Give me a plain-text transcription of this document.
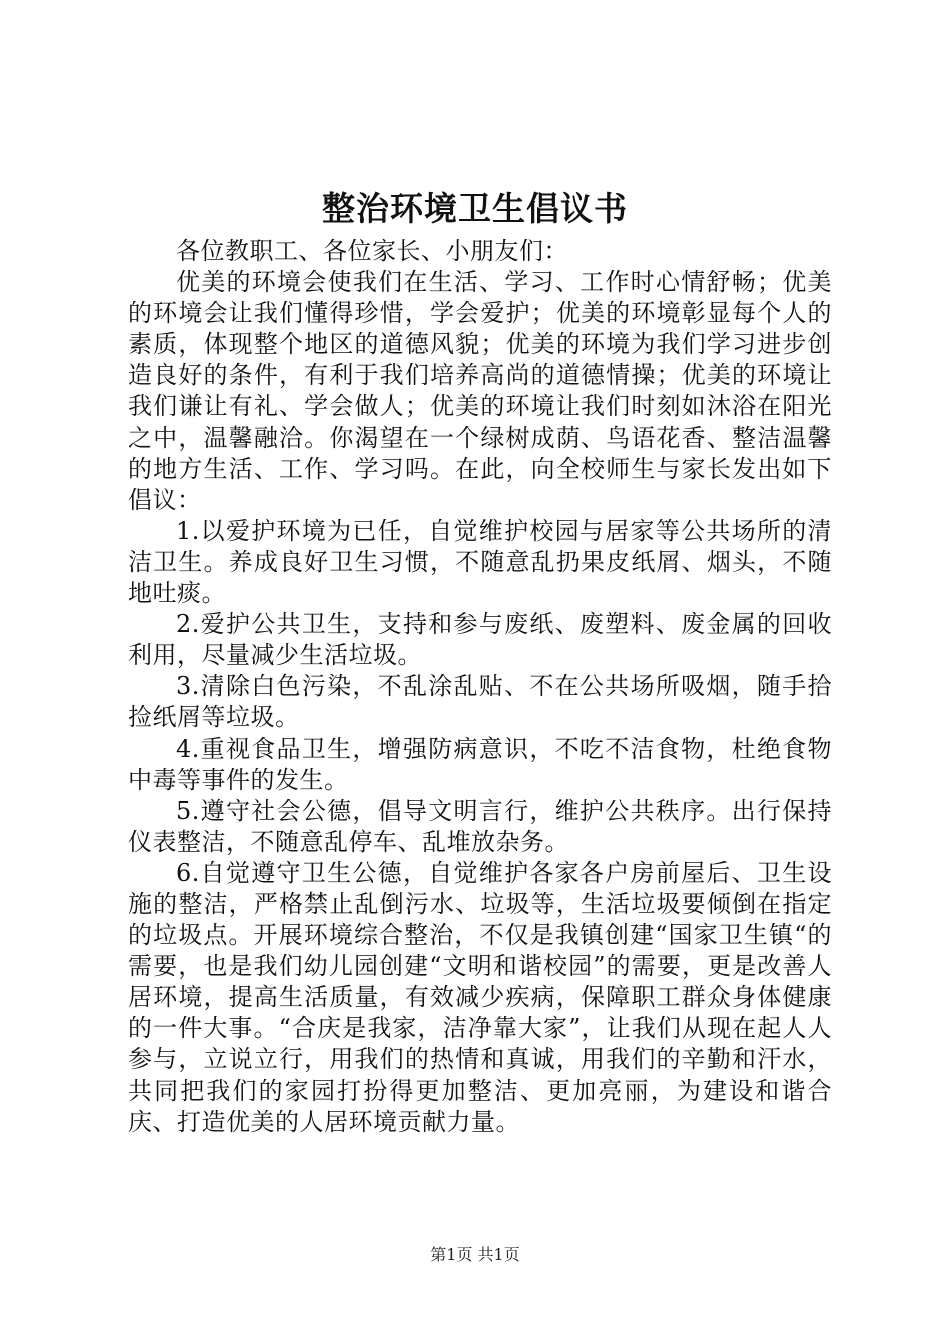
整治环境卫生倡议书

各位教职工、各位家长、小朋友们：

优美的环境会使我们在生活、学习、工作时心情舒畅；优美的环境会让我们懂得珍惜，学会爱护；优美的环境彰显每个人的素质，体现整个地区的道德风貌；优美的环境为我们学习进步创造良好的条件，有利于我们培养高尚的道德情操；优美的环境让我们谦让有礼、学会做人；优美的环境让我们时刻如沐浴在阳光之中，温馨融洽。你渴望在一个绿树成荫、鸟语花香、整洁温馨的地方生活、工作、学习吗。在此，向全校师生与家长发出如下倡议：

1.以爱护环境为已任，自觉维护校园与居家等公共场所的清洁卫生。养成良好卫生习惯，不随意乱扔果皮纸屑、烟头，不随地吐痰。

2.爱护公共卫生，支持和参与废纸、废塑料、废金属的回收利用，尽量减少生活垃圾。

3.清除白色污染，不乱涂乱贴、不在公共场所吸烟，随手拾捡纸屑等垃圾。

4.重视食品卫生，增强防病意识，不吃不洁食物，杜绝食物中毒等事件的发生。

5.遵守社会公德，倡导文明言行，维护公共秩序。出行保持仪表整洁，不随意乱停车、乱堆放杂务。

6.自觉遵守卫生公德，自觉维护各家各户房前屋后、卫生设施的整洁，严格禁止乱倒污水、垃圾等，生活垃圾要倾倒在指定的垃圾点。开展环境综合整治，不仅是我镇创建“国家卫生镇“的需要，也是我们幼儿园创建“文明和谐校园”的需要，更是改善人居环境，提高生活质量，有效减少疾病，保障职工群众身体健康的一件大事。“合庆是我家，洁净靠大家”，让我们从现在起人人参与，立说立行，用我们的热情和真诚，用我们的辛勤和汗水，共同把我们的家园打扮得更加整洁、更加亮丽，为建设和谐合庆、打造优美的人居环境贡献力量。

第1页 共1页
